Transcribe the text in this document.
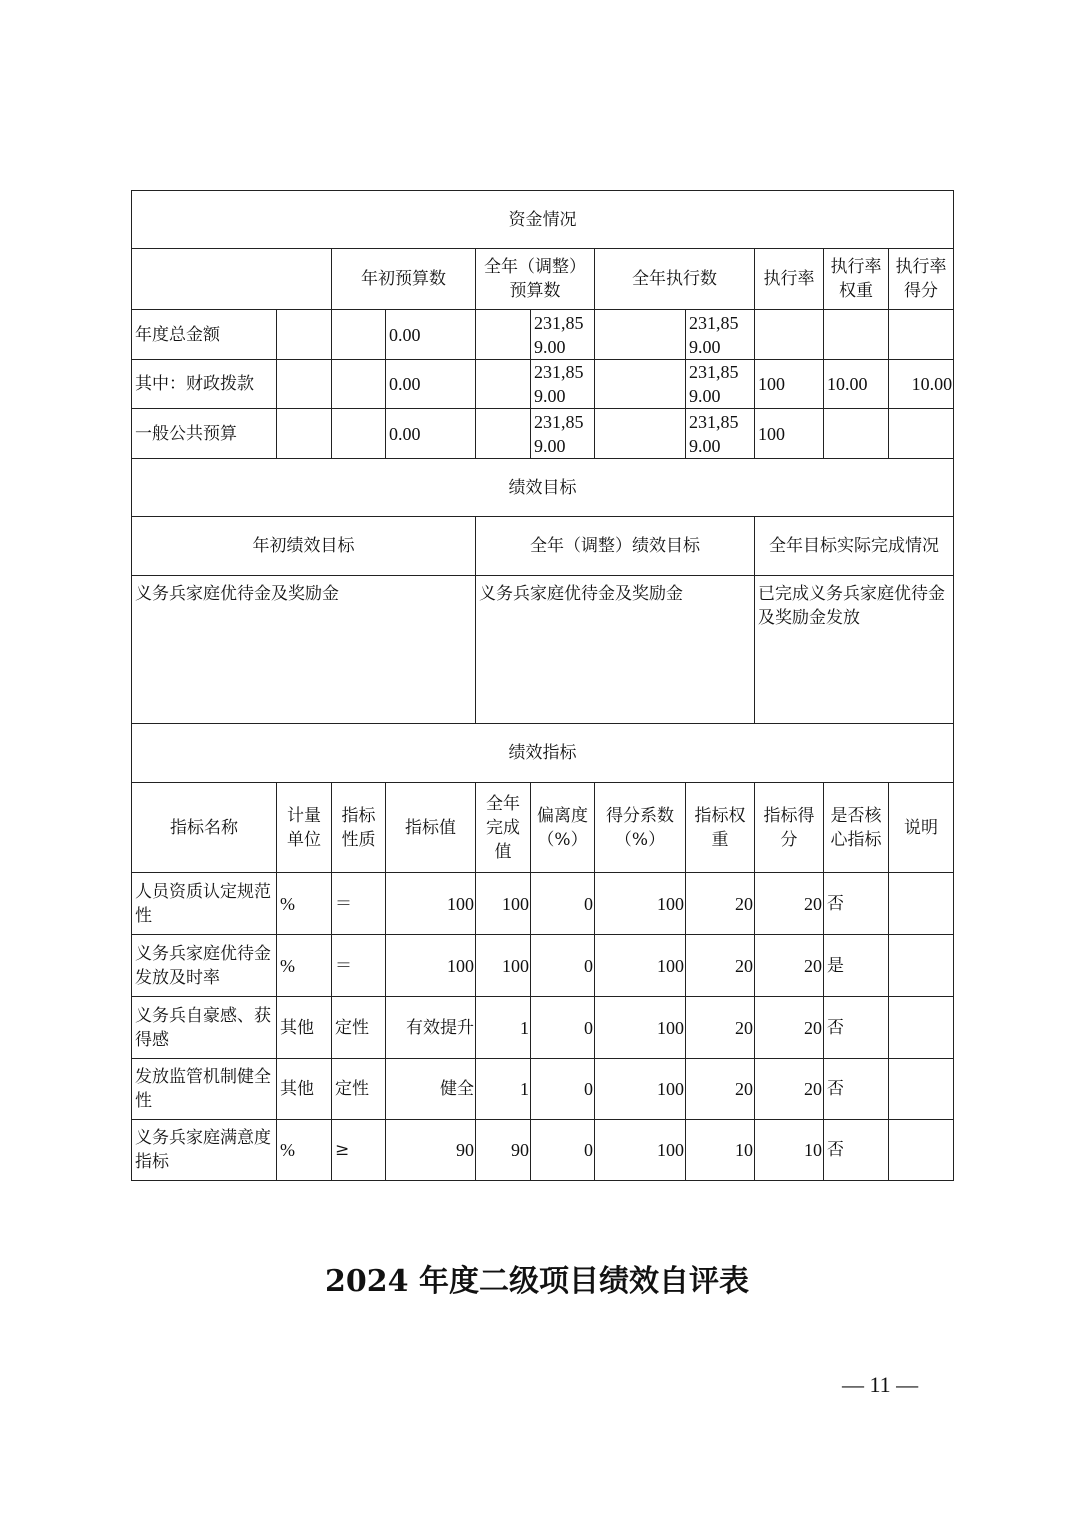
资金情况										
		年初预算数		全年（调整）预算数		全年执行数		执行率	执行率权重	执行率得分
年度总金额			0.00		231,859.00		231,859.00			
其中：财政拨款			0.00		231,859.00		231,859.00	100	10.00	10.00
一般公共预算			0.00		231,859.00		231,859.00	100		
绩效目标										
年初绩效目标				全年（调整）绩效目标				全年目标实际完成情况		
义务兵家庭优待金及奖励金				义务兵家庭优待金及奖励金				已完成义务兵家庭优待金及奖励金发放		
绩效指标										
指标名称	计量单位	指标性质	指标值	全年完成值	偏离度（%）	得分系数（%）	指标权重	指标得分	是否核心指标	说明
人员资质认定规范性	%	＝	100	100	0	100	20	20	否	
义务兵家庭优待金发放及时率	%	＝	100	100	0	100	20	20	是	
义务兵自豪感、获得感	其他	定性	有效提升	1	0	100	20	20	否	
发放监管机制健全性	其他	定性	健全	1	0	100	20	20	否	
义务兵家庭满意度指标	%	≥	90	90	0	100	10	10	否	
2024 年度二级项目绩效自评表
— 11 —
